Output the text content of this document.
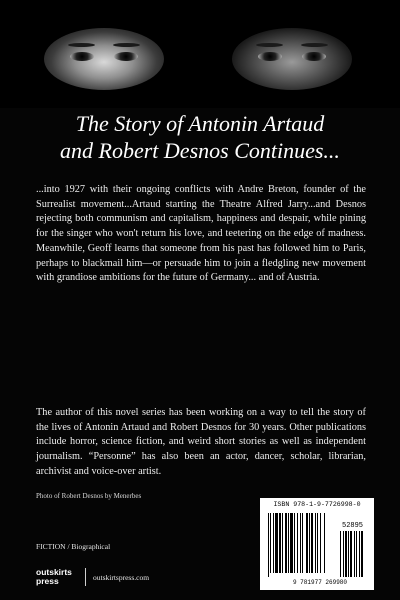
The Story of Antonin Artaud
and Robert Desnos Continues...
...into 1927 with their ongoing conflicts with Andre Breton, founder of the Surrealist movement...Artaud starting the Theatre Alfred Jarry...and Desnos rejecting both communism and capitalism, happiness and despair, while pining for the singer who won't return his love, and teetering on the edge of madness. Meanwhile, Geoff learns that someone from his past has followed him to Paris, perhaps to blackmail him—or persuade him to join a fledgling new movement with grandiose ambitions for the future of Germany... and of Austria.
The author of this novel series has been working on a way to tell the story of the lives of Antonin Artaud and Robert Desnos for 30 years. Other publications include horror, science fiction, and weird short stories as well as independent journalism. “Personne” has also been an actor, dancer, scholar, librarian, archivist and voice-over artist.
Photo of Robert Desnos by Menerbes
FICTION / Biographical
outskirts
press	outskirtspress.com
ISBN 978-1-9-7726998-0
52895
9 781977 269980
